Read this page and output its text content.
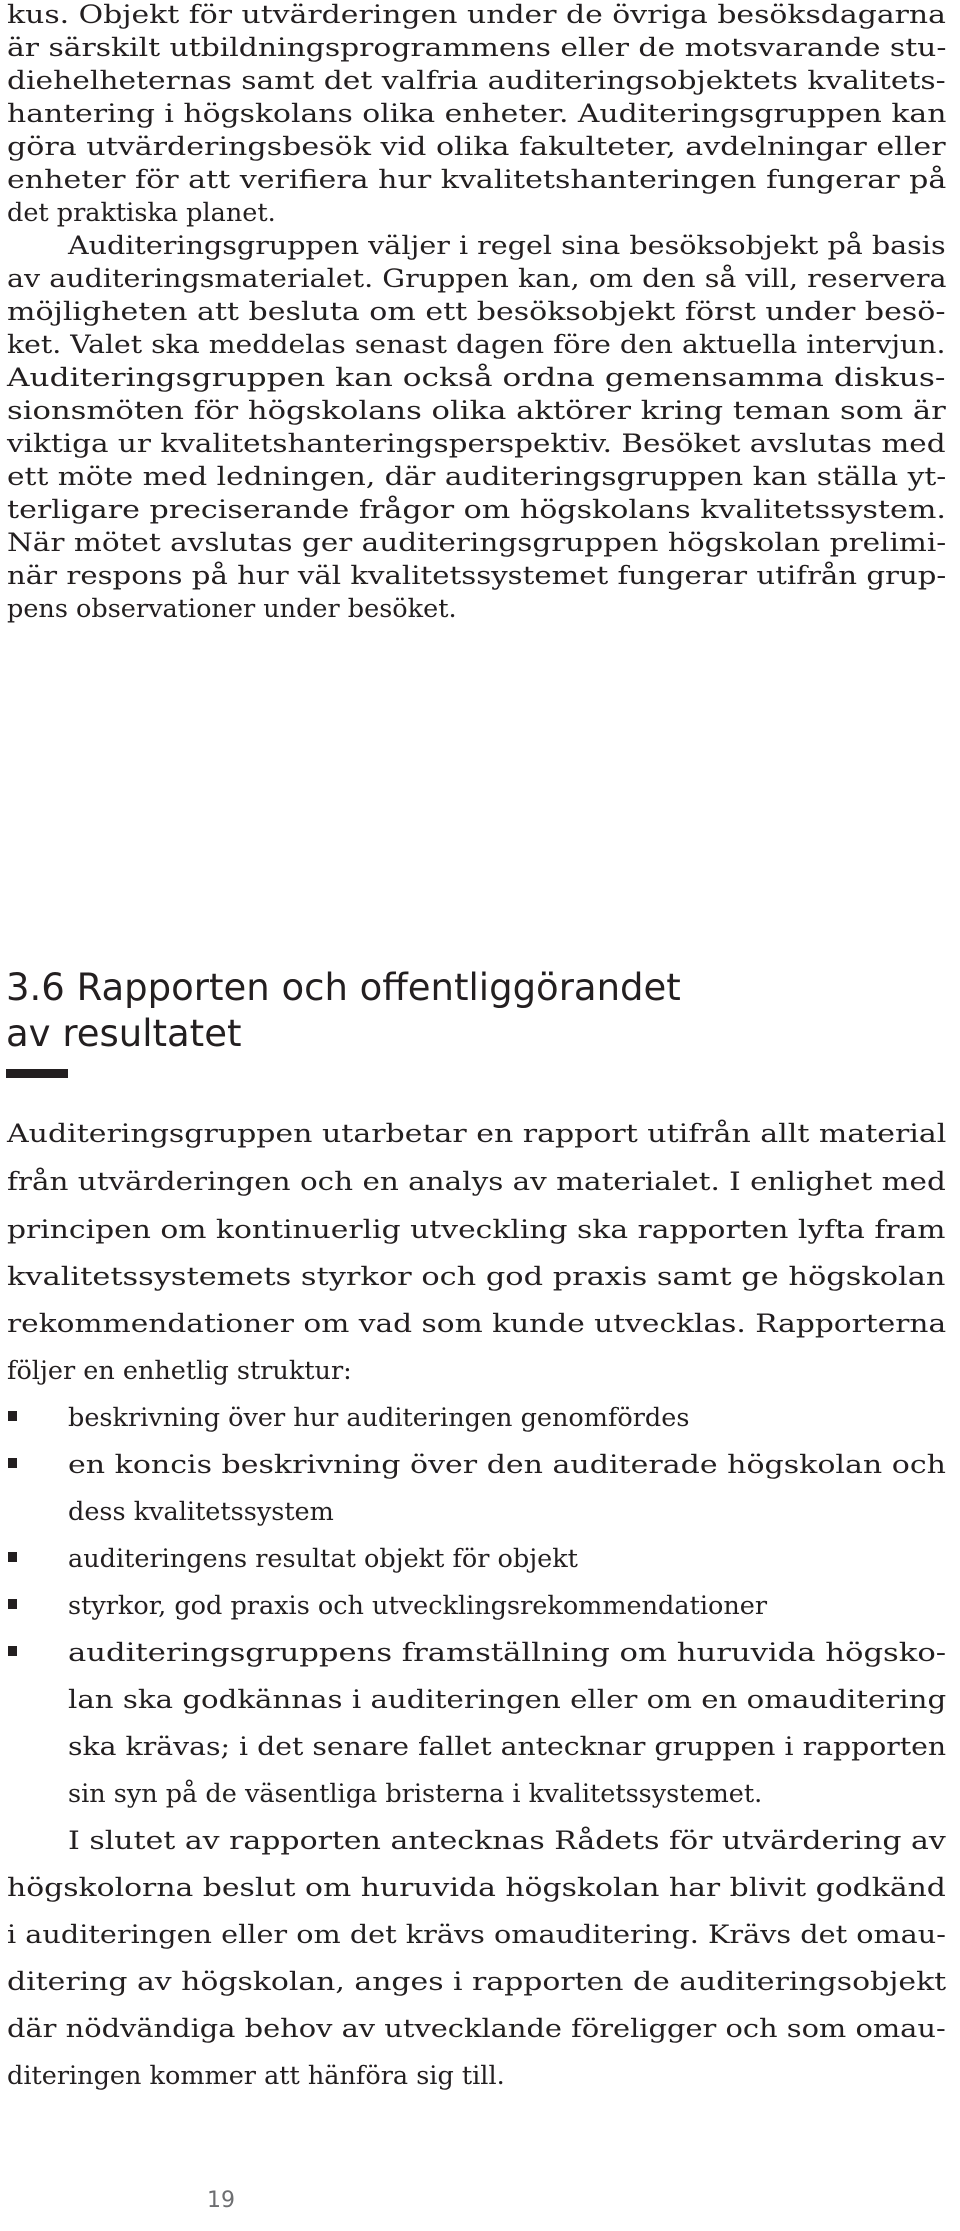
kus. Objekt för utvärderingen under de övriga besöksdagarna
är särskilt utbildningsprogrammens eller de motsvarande stu-
diehelheternas samt det valfria auditeringsobjektets kvalitets-
hantering i högskolans olika enheter. Auditeringsgruppen kan
göra utvärderingsbesök vid olika fakulteter, avdelningar eller
enheter för att verifiera hur kvalitetshanteringen fungerar på
det praktiska planet.
Auditeringsgruppen väljer i regel sina besöksobjekt på basis
av auditeringsmaterialet. Gruppen kan, om den så vill, reservera
möjligheten att besluta om ett besöksobjekt först under besö-
ket. Valet ska meddelas senast dagen före den aktuella intervjun.
Auditeringsgruppen kan också ordna gemensamma diskus-
sionsmöten för högskolans olika aktörer kring teman som är
viktiga ur kvalitetshanteringsperspektiv. Besöket avslutas med
ett möte med ledningen, där auditeringsgruppen kan ställa yt-
terligare preciserande frågor om högskolans kvalitetssystem.
När mötet avslutas ger auditeringsgruppen högskolan prelimi-
när respons på hur väl kvalitetssystemet fungerar utifrån grup-
pens observationer under besöket.
3.6 Rapporten och offentliggörandet
av resultatet
Auditeringsgruppen utarbetar en rapport utifrån allt material
från utvärderingen och en analys av materialet. I enlighet med
principen om kontinuerlig utveckling ska rapporten lyfta fram
kvalitetssystemets styrkor och god praxis samt ge högskolan
rekommendationer om vad som kunde utvecklas. Rapporterna
följer en enhetlig struktur:
beskrivning över hur auditeringen genomfördes
en koncis beskrivning över den auditerade högskolan och
dess kvalitetssystem
auditeringens resultat objekt för objekt
styrkor, god praxis och utvecklingsrekommendationer
auditeringsgruppens framställning om huruvida högsko-
lan ska godkännas i auditeringen eller om en omauditering
ska krävas; i det senare fallet antecknar gruppen i rapporten
sin syn på de väsentliga bristerna i kvalitetssystemet.
I slutet av rapporten antecknas Rådets för utvärdering av
högskolorna beslut om huruvida högskolan har blivit godkänd
i auditeringen eller om det krävs omauditering. Krävs det omau-
ditering av högskolan, anges i rapporten de auditeringsobjekt
där nödvändiga behov av utvecklande föreligger och som omau-
diteringen kommer att hänföra sig till.
19
